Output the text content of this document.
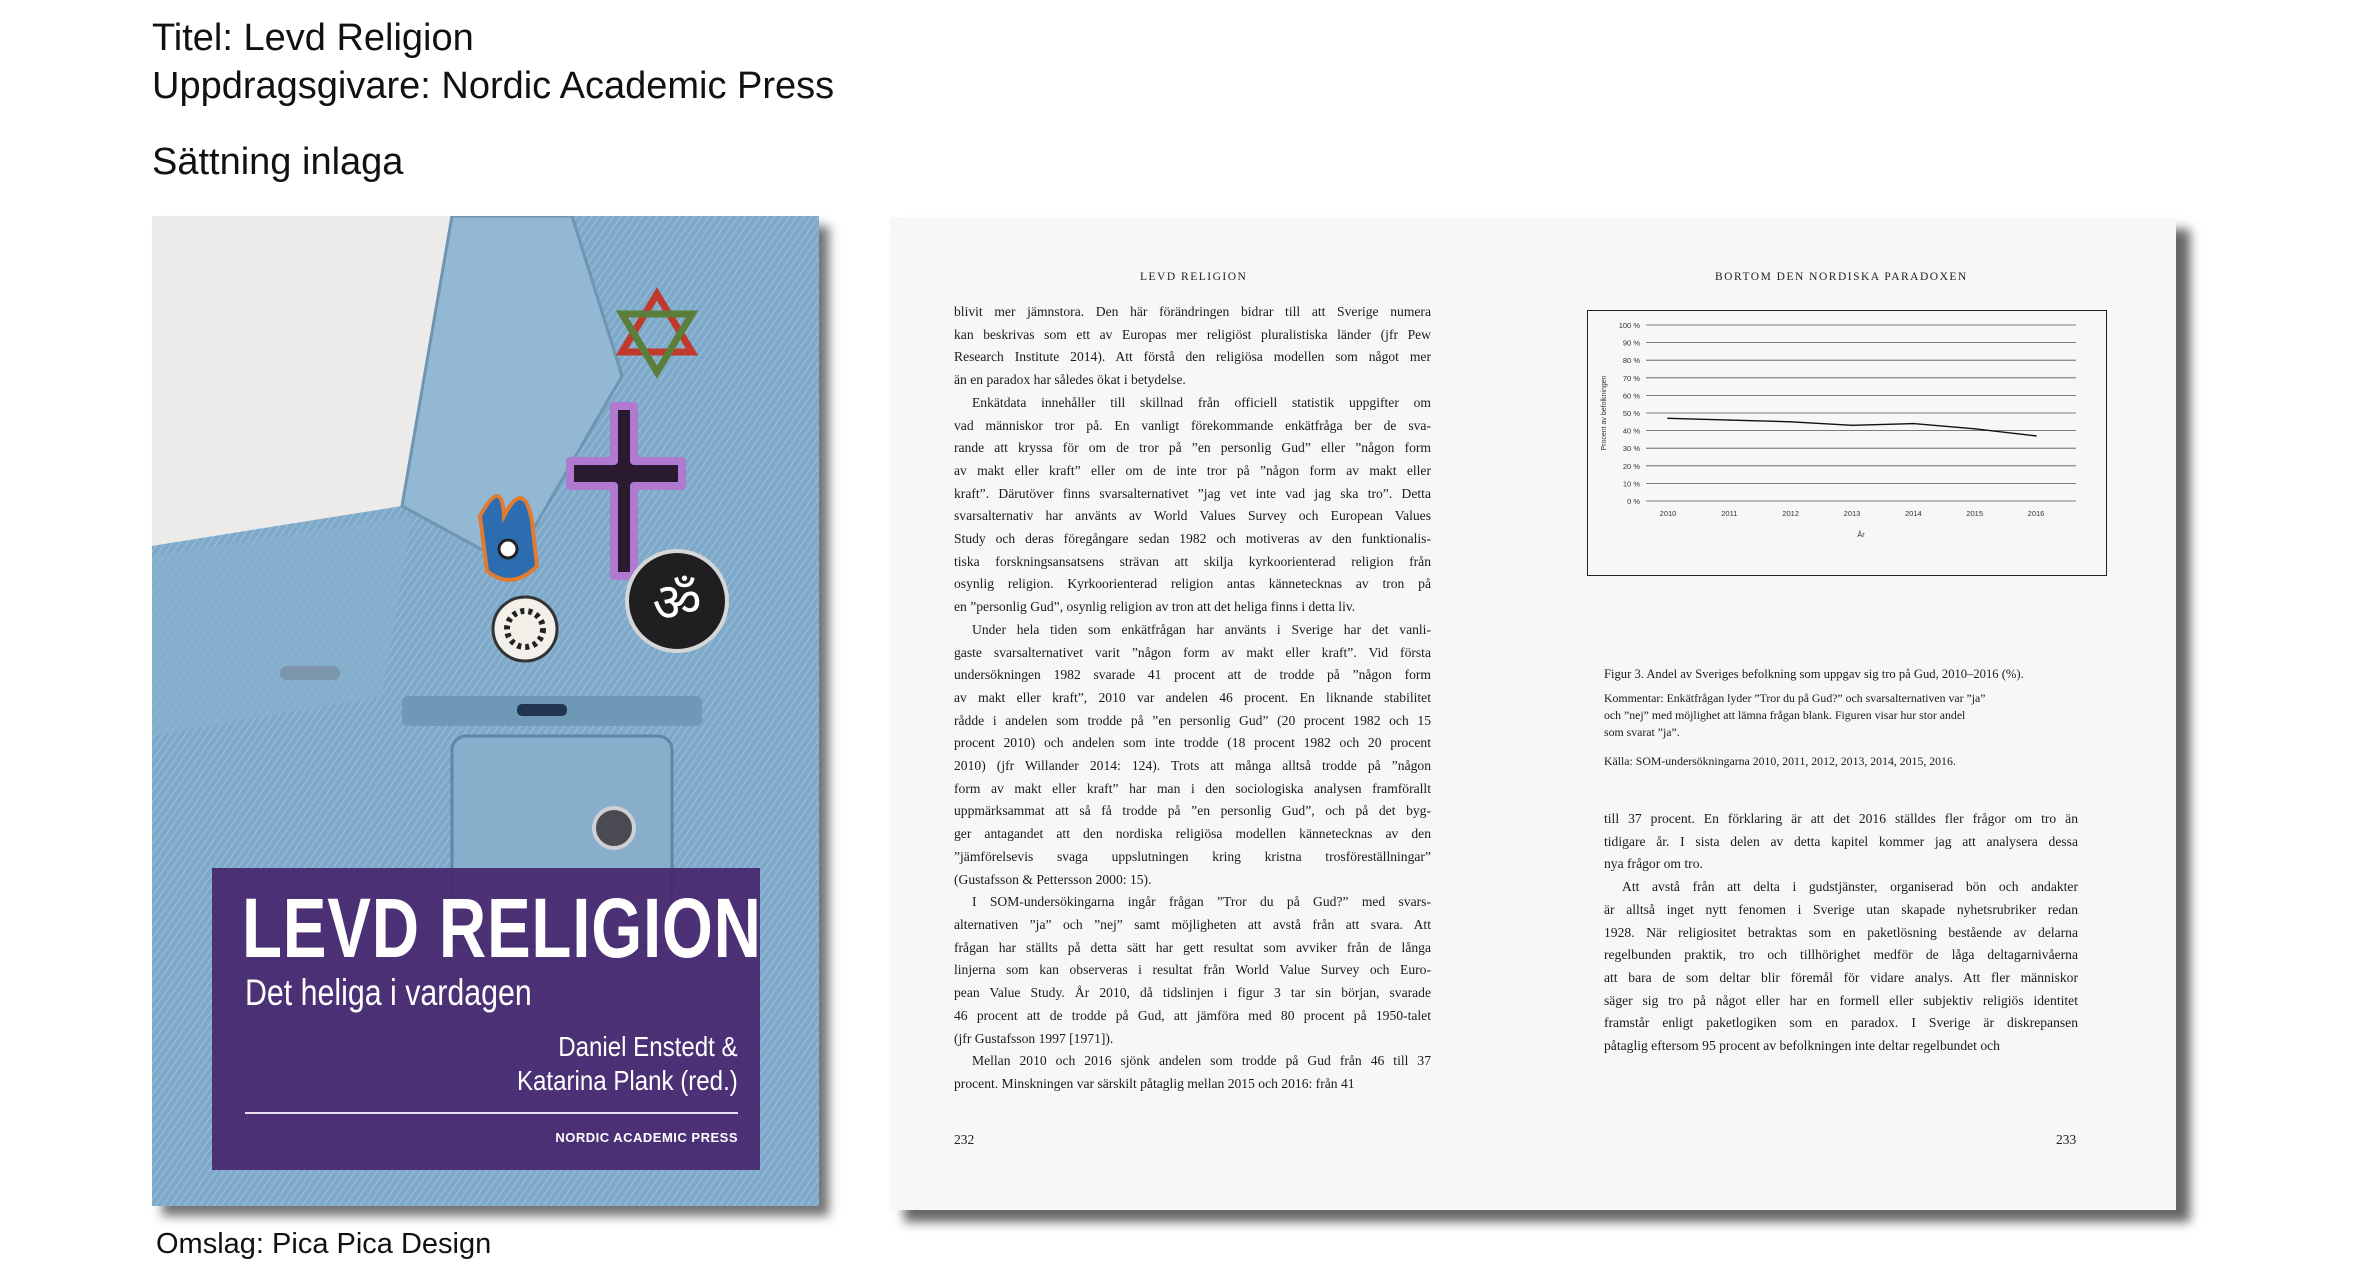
Titel: Levd Religion
Uppdragsgivare: Nordic Academic Press
Sättning inlaga
ॐ
LEVD RELIGION
Det heliga i vardagen
Daniel Enstedt &
Katarina Plank (red.)
NORDIC ACADEMIC PRESS
Omslag: Pica Pica Design
LEVD RELIGION	BORTOM DEN NORDISKA PARADOXEN

blivit mer jämnstora. Den här förändringen bidrar till att Sverige numera
kan beskrivas som ett av Europas mer religiöst pluralistiska länder (jfr Pew
Research Institute 2014). Att förstå den religiösa modellen som något mer
än en paradox har således ökat i betydelse.

Enkätdata innehåller till skillnad från officiell statistik uppgifter om
vad människor tror på. En vanligt förekommande enkätfråga ber de sva-
rande att kryssa för om de tror på ”en personlig Gud” eller ”någon form
av makt eller kraft” eller om de inte tror på ”någon form av makt eller
kraft”. Därutöver finns svarsalternativet ”jag vet inte vad jag ska tro”. Detta
svarsalternativ har använts av World Values Survey och European Values
Study och deras föregångare sedan 1982 och motiveras av den funktionalis-
tiska forskningsansatsens strävan att skilja kyrkoorienterad religion från
osynlig religion. Kyrkoorienterad religion antas kännetecknas av tron på
en ”personlig Gud”, osynlig religion av tron att det heliga finns i detta liv.

Under hela tiden som enkätfrågan har använts i Sverige har det vanli-
gaste svarsalternativet varit ”någon form av makt eller kraft”. Vid första
undersökningen 1982 svarade 41 procent att de trodde på ”någon form
av makt eller kraft”, 2010 var andelen 46 procent. En liknande stabilitet
rådde i andelen som trodde på ”en personlig Gud” (20 procent 1982 och 15
procent 2010) och andelen som inte trodde (18 procent 1982 och 20 procent
2010) (jfr Willander 2014: 124). Trots att många alltså trodde på ”någon
form av makt eller kraft” har man i den sociologiska analysen framförallt
uppmärksammat att så få trodde på ”en personlig Gud”, och på det byg-
ger antagandet att den nordiska religiösa modellen kännetecknas av den
”jämförelsevis svaga uppslutningen kring kristna trosföreställningar”
(Gustafsson & Pettersson 2000: 15).

I SOM-undersökingarna ingår frågan ”Tror du på Gud?” med svars-
alternativen ”ja” och ”nej” samt möjligheten att avstå från att svara. Att
frågan har ställts på detta sätt har gett resultat som avviker från de långa
linjerna som kan observeras i resultat från World Value Survey och Euro-
pean Value Study. År 2010, då tidslinjen i figur 3 tar sin början, svarade
46 procent att de trodde på Gud, att jämföra med 80 procent på 1950-talet
(jfr Gustafsson 1997 [1971]).

Mellan 2010 och 2016 sjönk andelen som trodde på Gud från 46 till 37
procent. Minskningen var särskilt påtaglig mellan 2015 och 2016: från 41

0 %
10 %
20 %
30 %
40 %
50 %
60 %
70 %
80 %
90 %
100 %
2010	2011	2012	2013	2014	2015	2016
År
Procent av befolkningen
Figur 3. Andel av Sveriges befolkning som uppgav sig tro på Gud, 2010–2016 (%).
Kommentar: Enkätfrågan lyder ”Tror du på Gud?” och svarsalternativen var ”ja”
och ”nej” med möjlighet att lämna frågan blank. Figuren visar hur stor andel
som svarat ”ja”.
Källa: SOM-undersökningarna 2010, 2011, 2012, 2013, 2014, 2015, 2016.

till 37 procent. En förklaring är att det 2016 ställdes fler frågor om tro än
tidigare år. I sista delen av detta kapitel kommer jag att analysera dessa
nya frågor om tro.

Att avstå från att delta i gudstjänster, organiserad bön och andakter
är alltså inget nytt fenomen i Sverige utan skapade nyhetsrubriker redan
1928. När religiositet betraktas som en paketlösning bestående av delarna
regelbunden praktik, tro och tillhörighet medför de låga deltagarnivåerna
att bara de som deltar blir föremål för vidare analys. Att fler människor
säger sig tro på något eller har en formell eller subjektiv religiös identitet
framstår enligt paketlogiken som en paradox. I Sverige är diskrepansen
påtaglig eftersom 95 procent av befolkningen inte deltar regelbundet och

232	233
